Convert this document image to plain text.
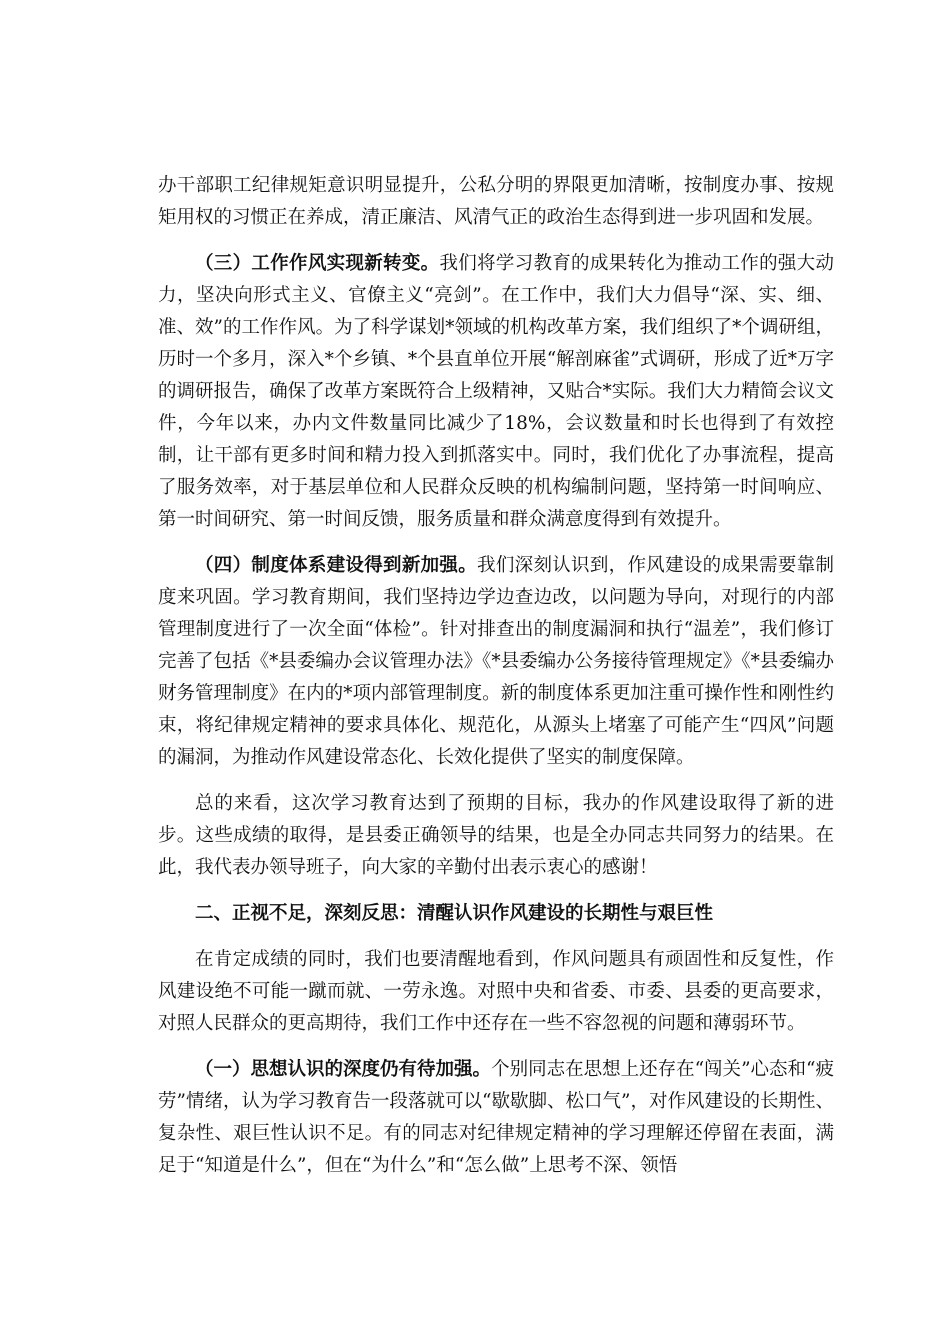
办干部职工纪律规矩意识明显提升，公私分明的界限更加清晰，按制度办事、按规矩用权的习惯正在养成，清正廉洁、风清气正的政治生态得到进一步巩固和发展。

（三）工作作风实现新转变。我们将学习教育的成果转化为推动工作的强大动力，坚决向形式主义、官僚主义“亮剑”。在工作中，我们大力倡导“深、实、细、准、效”的工作作风。为了科学谋划*领域的机构改革方案，我们组织了*个调研组，历时一个多月，深入*个乡镇、*个县直单位开展“解剖麻雀”式调研，形成了近*万字的调研报告，确保了改革方案既符合上级精神，又贴合*实际。我们大力精简会议文件，今年以来，办内文件数量同比减少了18%，会议数量和时长也得到了有效控制，让干部有更多时间和精力投入到抓落实中。同时，我们优化了办事流程，提高了服务效率，对于基层单位和人民群众反映的机构编制问题，坚持第一时间响应、第一时间研究、第一时间反馈，服务质量和群众满意度得到有效提升。

（四）制度体系建设得到新加强。我们深刻认识到，作风建设的成果需要靠制度来巩固。学习教育期间，我们坚持边学边查边改，以问题为导向，对现行的内部管理制度进行了一次全面“体检”。针对排查出的制度漏洞和执行“温差”，我们修订完善了包括《*县委编办会议管理办法》《*县委编办公务接待管理规定》《*县委编办财务管理制度》在内的*项内部管理制度。新的制度体系更加注重可操作性和刚性约束，将纪律规定精神的要求具体化、规范化，从源头上堵塞了可能产生“四风”问题的漏洞，为推动作风建设常态化、长效化提供了坚实的制度保障。

总的来看，这次学习教育达到了预期的目标，我办的作风建设取得了新的进步。这些成绩的取得，是县委正确领导的结果，也是全办同志共同努力的结果。在此，我代表办领导班子，向大家的辛勤付出表示衷心的感谢！

二、正视不足，深刻反思：清醒认识作风建设的长期性与艰巨性

在肯定成绩的同时，我们也要清醒地看到，作风问题具有顽固性和反复性，作风建设绝不可能一蹴而就、一劳永逸。对照中央和省委、市委、县委的更高要求，对照人民群众的更高期待，我们工作中还存在一些不容忽视的问题和薄弱环节。

（一）思想认识的深度仍有待加强。个别同志在思想上还存在“闯关”心态和“疲劳”情绪，认为学习教育告一段落就可以“歇歇脚、松口气”，对作风建设的长期性、复杂性、艰巨性认识不足。有的同志对纪律规定精神的学习理解还停留在表面，满足于“知道是什么”，但在“为什么”和“怎么做”上思考不深、领悟
